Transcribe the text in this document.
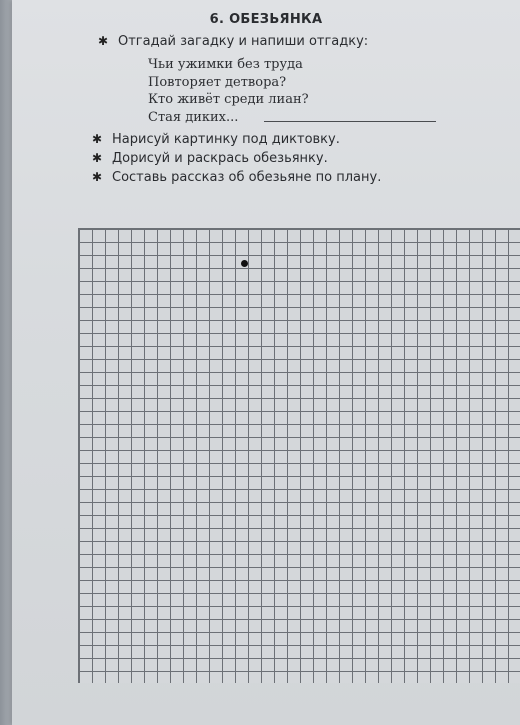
6. ОБЕЗЬЯНКА
✱ Отгадай загадку и напиши отгадку:
Чьи ужимки без труда
Повторяет детвора?
Кто живёт среди лиан?
Стая диких...
✱ Нарисуй картинку под диктовку.
✱ Дорисуй и раскрась обезьянку.
✱ Составь рассказ об обезьяне по плану.
